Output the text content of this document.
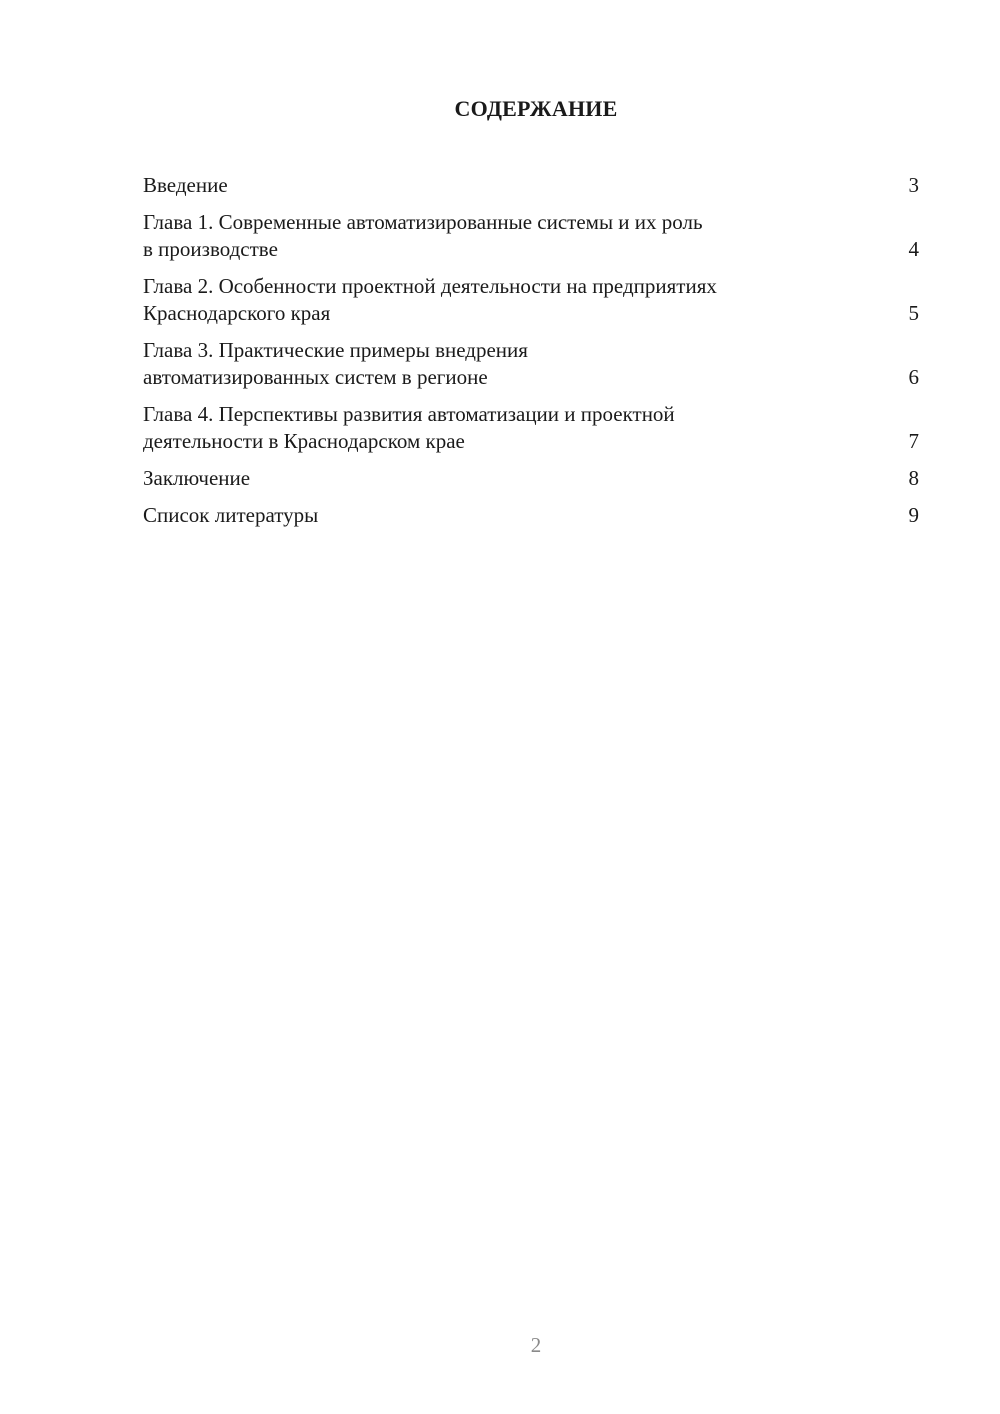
СОДЕРЖАНИЕ
Введение	3
Глава 1. Современные автоматизированные системы и их роль
в производстве	4
Глава 2. Особенности проектной деятельности на предприятиях
Краснодарского края	5
Глава 3. Практические примеры внедрения
автоматизированных систем в регионе	6
Глава 4. Перспективы развития автоматизации и проектной
деятельности в Краснодарском крае	7
Заключение	8
Список литературы	9
2
